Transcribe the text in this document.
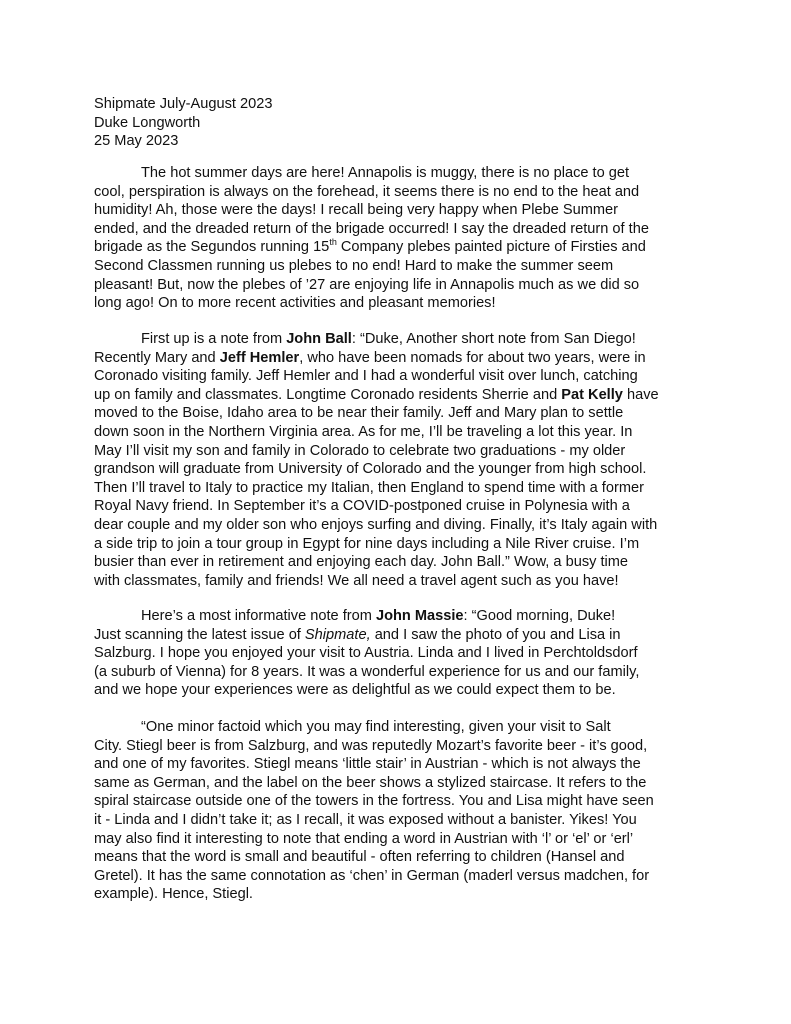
Shipmate July-August 2023
Duke Longworth
25 May 2023
The hot summer days are here! Annapolis is muggy, there is no place to get
cool, perspiration is always on the forehead, it seems there is no end to the heat and
humidity! Ah, those were the days! I recall being very happy when Plebe Summer
ended, and the dreaded return of the brigade occurred! I say the dreaded return of the
brigade as the Segundos running 15th Company plebes painted picture of Firsties and
Second Classmen running us plebes to no end! Hard to make the summer seem
pleasant! But, now the plebes of ’27 are enjoying life in Annapolis much as we did so
long ago! On to more recent activities and pleasant memories!
First up is a note from John Ball: “Duke, Another short note from San Diego!
Recently Mary and Jeff Hemler, who have been nomads for about two years, were in
Coronado visiting family. Jeff Hemler and I had a wonderful visit over lunch, catching
up on family and classmates. Longtime Coronado residents Sherrie and Pat Kelly have
moved to the Boise, Idaho area to be near their family. Jeff and Mary plan to settle
down soon in the Northern Virginia area. As for me, I’ll be traveling a lot this year. In
May I’ll visit my son and family in Colorado to celebrate two graduations - my older
grandson will graduate from University of Colorado and the younger from high school.
Then I’ll travel to Italy to practice my Italian, then England to spend time with a former
Royal Navy friend. In September it’s a COVID-postponed cruise in Polynesia with a
dear couple and my older son who enjoys surfing and diving. Finally, it’s Italy again with
a side trip to join a tour group in Egypt for nine days including a Nile River cruise. I’m
busier than ever in retirement and enjoying each day. John Ball.” Wow, a busy time
with classmates, family and friends! We all need a travel agent such as you have!
Here’s a most informative note from John Massie: “Good morning, Duke!
Just scanning the latest issue of Shipmate, and I saw the photo of you and Lisa in
Salzburg. I hope you enjoyed your visit to Austria. Linda and I lived in Perchtoldsdorf
(a suburb of Vienna) for 8 years. It was a wonderful experience for us and our family,
and we hope your experiences were as delightful as we could expect them to be.
“One minor factoid which you may find interesting, given your visit to Salt
City. Stiegl beer is from Salzburg, and was reputedly Mozart’s favorite beer - it’s good,
and one of my favorites. Stiegl means ‘little stair’ in Austrian - which is not always the
same as German, and the label on the beer shows a stylized staircase. It refers to the
spiral staircase outside one of the towers in the fortress. You and Lisa might have seen
it - Linda and I didn’t take it; as I recall, it was exposed without a banister. Yikes! You
may also find it interesting to note that ending a word in Austrian with ‘l’ or ‘el’ or ‘erl’
means that the word is small and beautiful - often referring to children (Hansel and
Gretel). It has the same connotation as ‘chen’ in German (maderl versus madchen, for
example). Hence, Stiegl.
